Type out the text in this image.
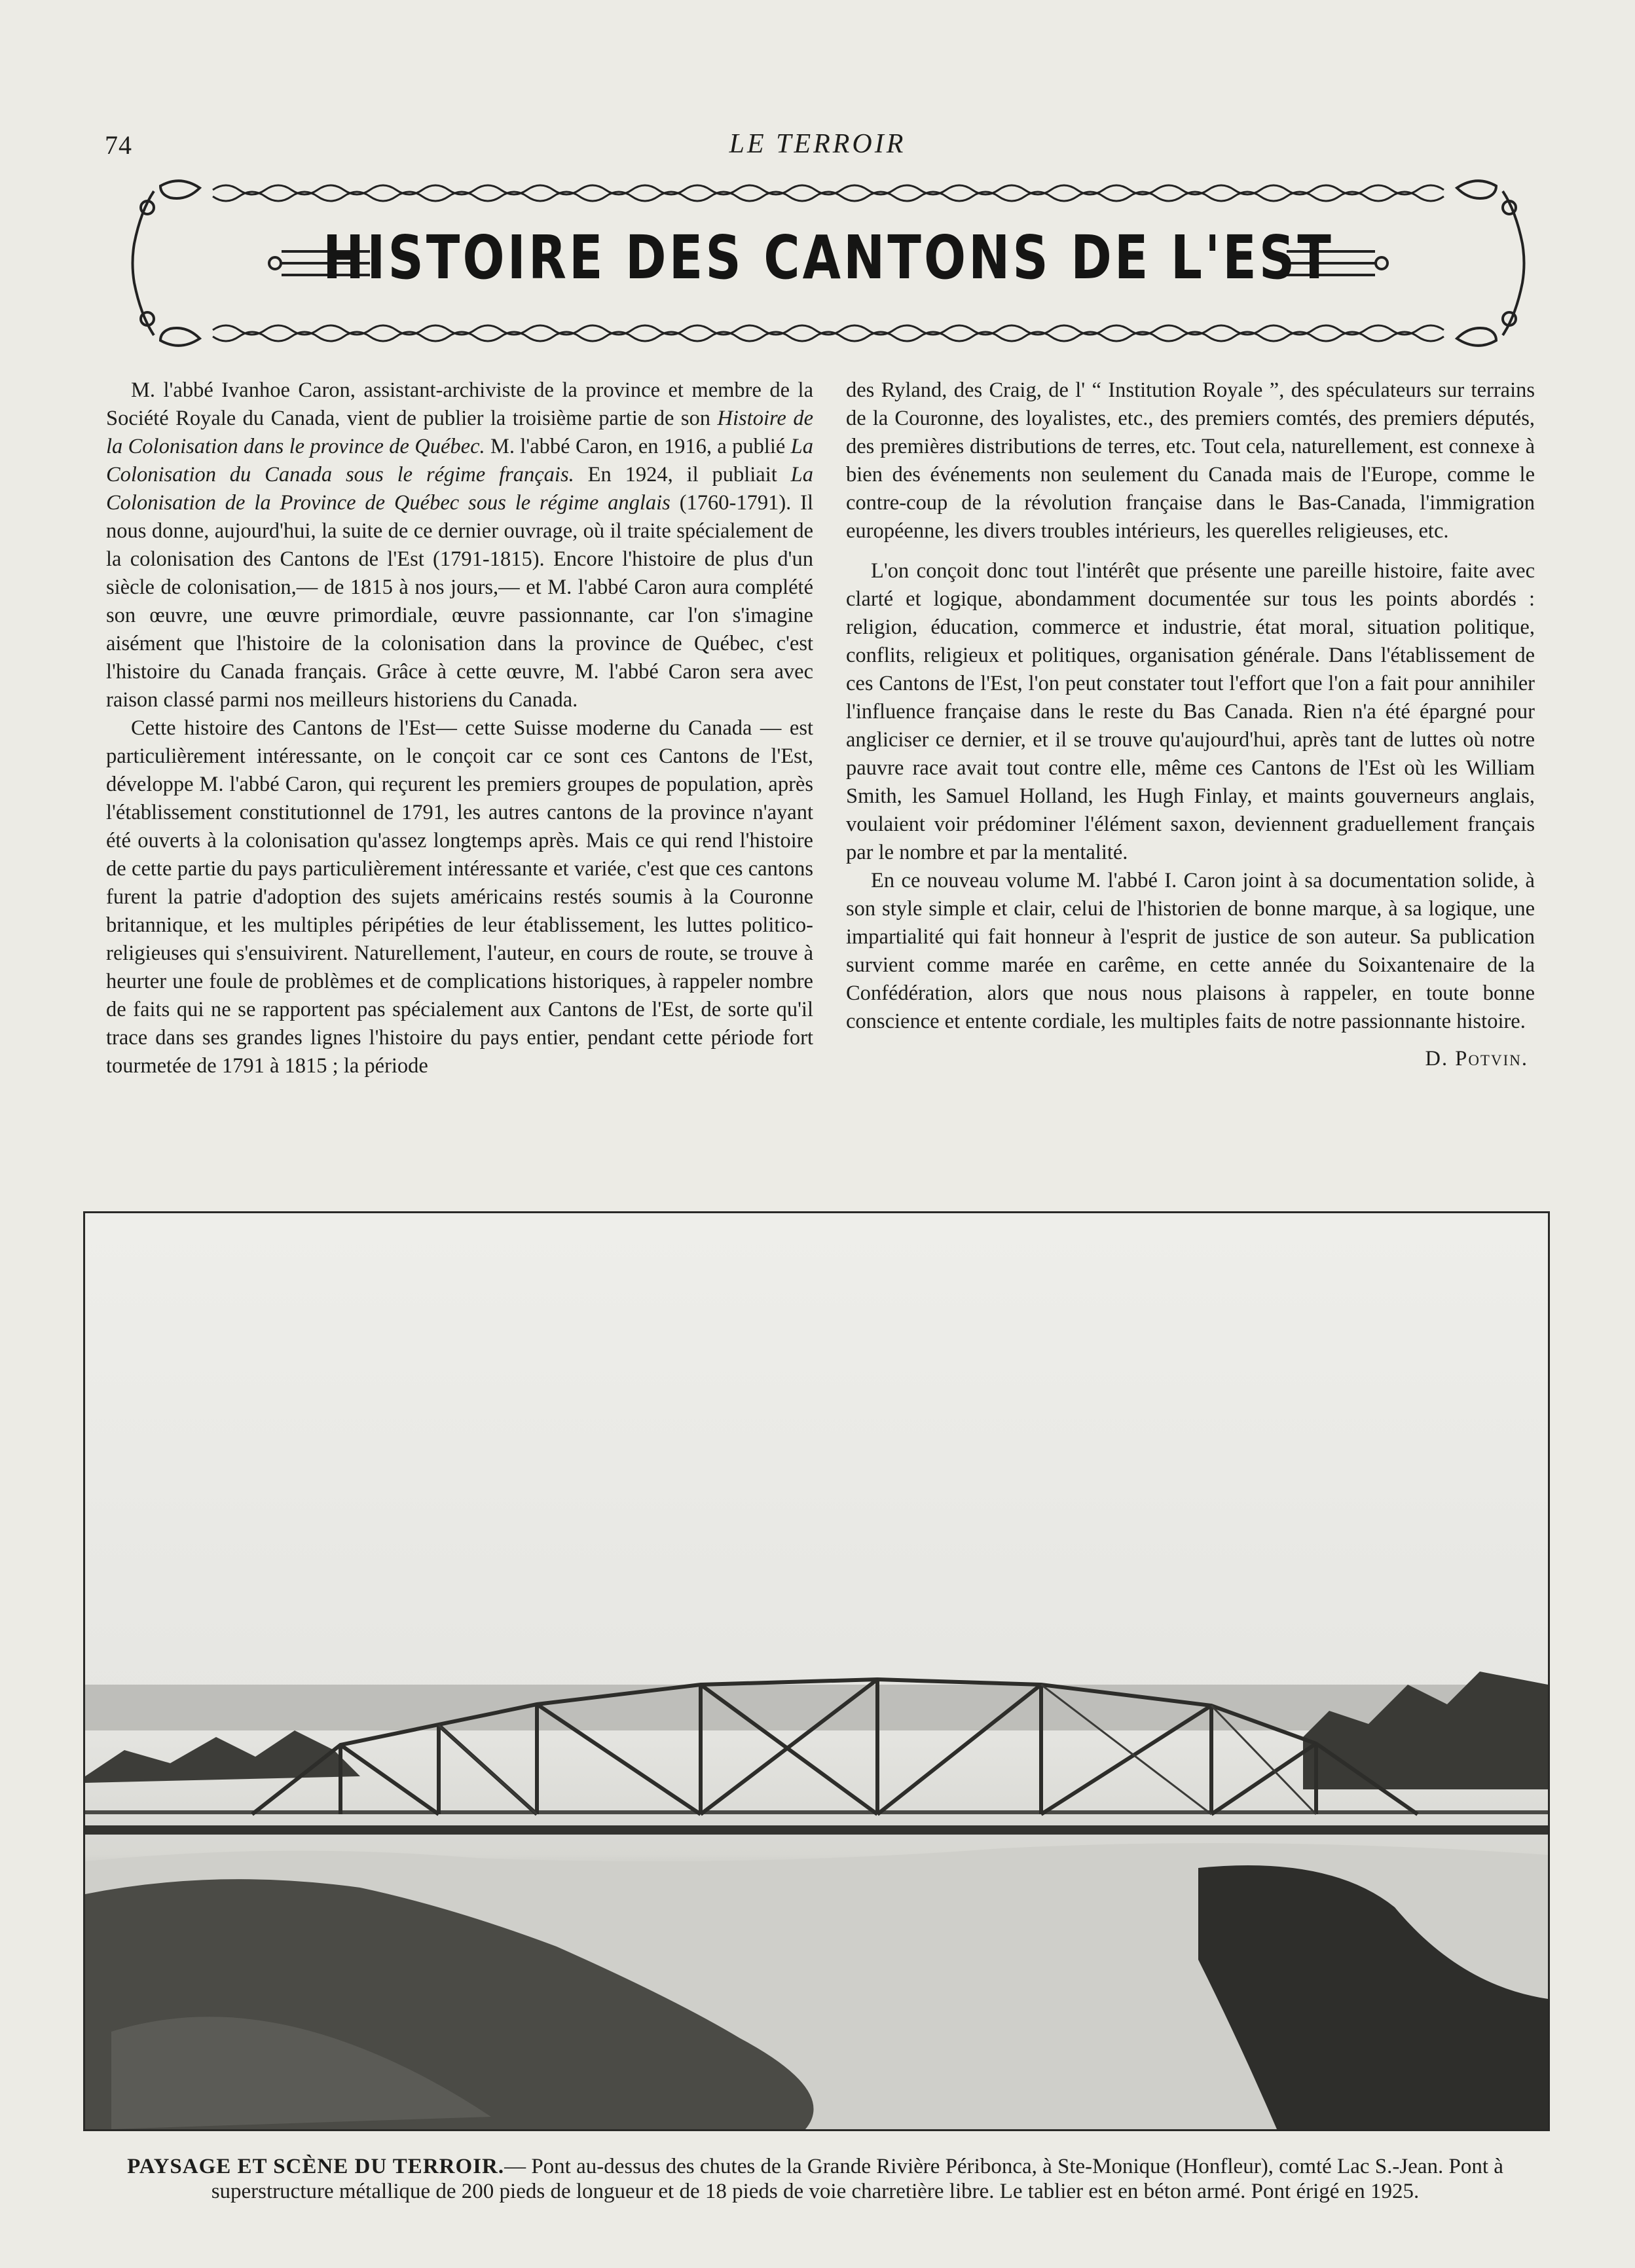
74	LE TERROIR
HISTOIRE DES CANTONS DE L'EST

M. l'abbé Ivanhoe Caron, assistant-archiviste de la province et membre de la Société Royale du Canada, vient de publier la troisième partie de son Histoire de la Colonisation dans le province de Québec. M. l'abbé Caron, en 1916, a publié La Colonisation du Canada sous le régime français. En 1924, il publiait La Colonisation de la Province de Québec sous le régime anglais (1760-1791). Il nous donne, aujourd'hui, la suite de ce dernier ouvrage, où il traite spécialement de la colonisation des Cantons de l'Est (1791-1815). Encore l'histoire de plus d'un siècle de colonisation,— de 1815 à nos jours,— et M. l'abbé Caron aura complété son œuvre, une œuvre primordiale, œuvre passionnante, car l'on s'imagine aisément que l'histoire de la colonisation dans la province de Québec, c'est l'histoire du Canada français. Grâce à cette œuvre, M. l'abbé Caron sera avec raison classé parmi nos meilleurs historiens du Canada.

Cette histoire des Cantons de l'Est— cette Suisse moderne du Canada — est particulièrement intéressante, on le conçoit car ce sont ces Cantons de l'Est, développe M. l'abbé Caron, qui reçurent les premiers groupes de population, après l'établissement constitutionnel de 1791, les autres cantons de la province n'ayant été ouverts à la colonisation qu'assez longtemps après. Mais ce qui rend l'histoire de cette partie du pays particulièrement intéressante et variée, c'est que ces cantons furent la patrie d'adoption des sujets américains restés soumis à la Couronne britannique, et les multiples péripéties de leur établissement, les luttes politico-religieuses qui s'ensuivirent. Naturellement, l'auteur, en cours de route, se trouve à heurter une foule de problèmes et de complications historiques, à rappeler nombre de faits qui ne se rapportent pas spécialement aux Cantons de l'Est, de sorte qu'il trace dans ses grandes lignes l'histoire du pays entier, pendant cette période fort tourmetée de 1791 à 1815 ; la période

des Ryland, des Craig, de l' “ Institution Royale ”, des spéculateurs sur terrains de la Couronne, des loyalistes, etc., des premiers comtés, des premiers députés, des premières distributions de terres, etc. Tout cela, naturellement, est connexe à bien des événements non seulement du Canada mais de l'Europe, comme le contre-coup de la révolution française dans le Bas-Canada, l'immigration européenne, les divers troubles intérieurs, les querelles religieuses, etc.

L'on conçoit donc tout l'intérêt que présente une pareille histoire, faite avec clarté et logique, abondamment documentée sur tous les points abordés : religion, éducation, commerce et industrie, état moral, situation politique, conflits, religieux et politiques, organisation générale. Dans l'établissement de ces Cantons de l'Est, l'on peut constater tout l'effort que l'on a fait pour annihiler l'influence française dans le reste du Bas Canada. Rien n'a été épargné pour angliciser ce dernier, et il se trouve qu'aujourd'hui, après tant de luttes où notre pauvre race avait tout contre elle, même ces Cantons de l'Est où les William Smith, les Samuel Holland, les Hugh Finlay, et maints gouverneurs anglais, voulaient voir prédominer l'élément saxon, deviennent graduellement français par le nombre et par la mentalité.

En ce nouveau volume M. l'abbé I. Caron joint à sa documentation solide, à son style simple et clair, celui de l'historien de bonne marque, à sa logique, une impartialité qui fait honneur à l'esprit de justice de son auteur. Sa publication survient comme marée en carême, en cette année du Soixantenaire de la Confédération, alors que nous nous plaisons à rappeler, en toute bonne conscience et entente cordiale, les multiples faits de notre passionnante histoire.

D. Potvin.
PAYSAGE ET SCÈNE DU TERROIR.— Pont au-dessus des chutes de la Grande Rivière Péribonca, à Ste-Monique (Honfleur), comté Lac S.-Jean. Pont à superstructure métallique de 200 pieds de longueur et de 18 pieds de voie charretière libre. Le tablier est en béton armé. Pont érigé en 1925.
